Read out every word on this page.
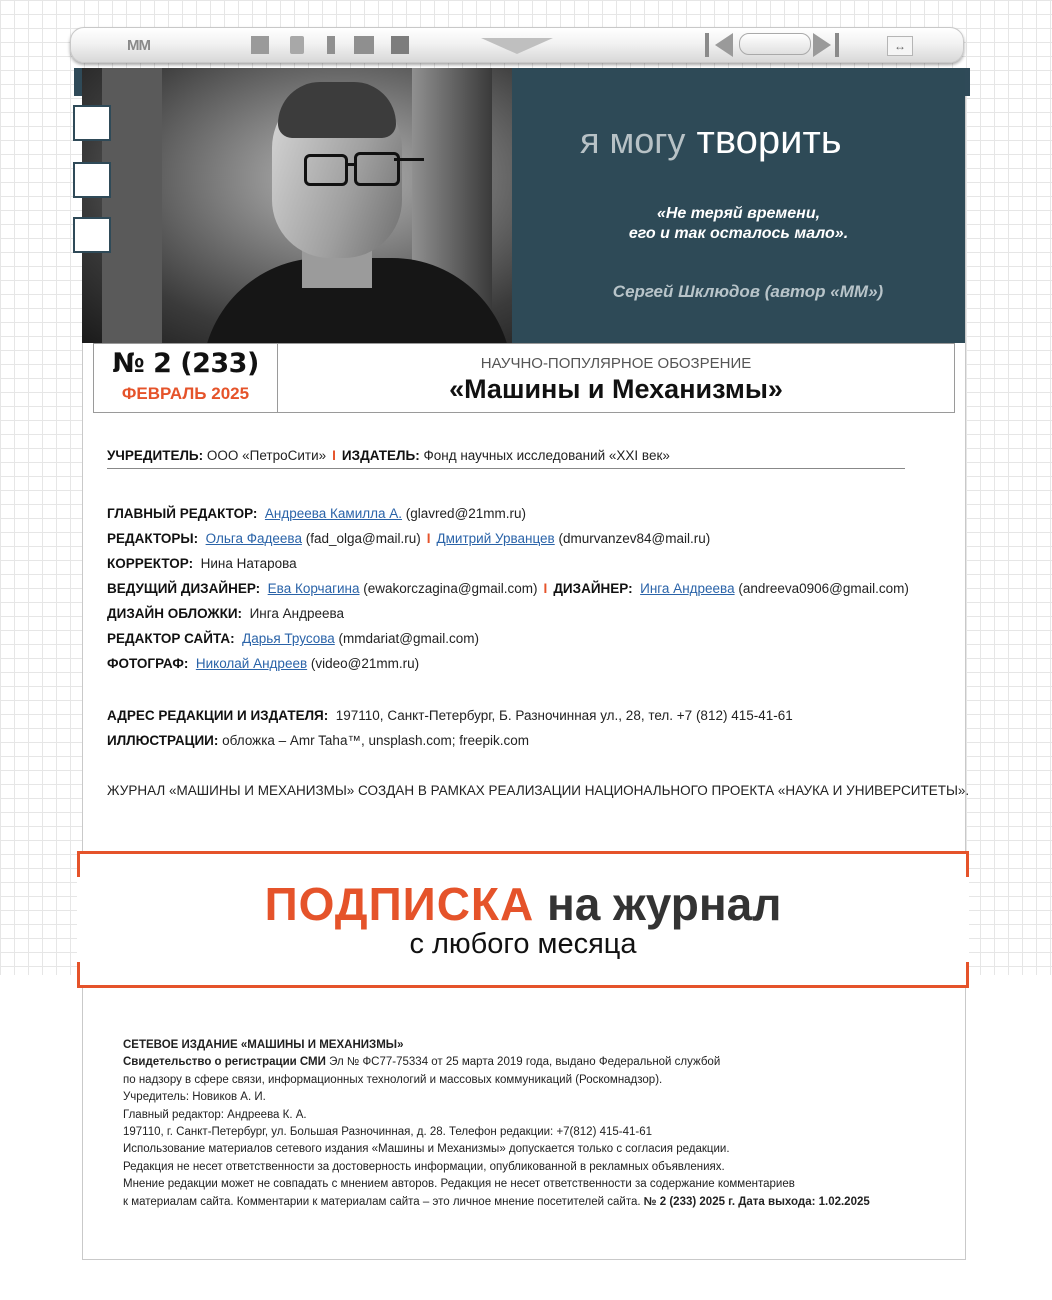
MM	↔
я могу творить
«Не теряй времени,
его и так осталось мало».
Сергей Шклюдов (автор «ММ»)
№ 2 (233)
ФЕВРАЛЬ 2025
НАУЧНО-ПОПУЛЯРНОЕ ОБОЗРЕНИЕ
«Машины и Механизмы»
УЧРЕДИТЕЛЬ: ООО «ПетроСити» I ИЗДАТЕЛЬ: Фонд научных исследований «XXI век»
ГЛАВНЫЙ РЕДАКТОР: Андреева Камилла А. (glavred@21mm.ru)
РЕДАКТОРЫ: Ольга Фадеева (fad_olga@mail.ru) I Дмитрий Урванцев (dmurvanzev84@mail.ru)
КОРРЕКТОР: Нина Натарова
ВЕДУЩИЙ ДИЗАЙНЕР: Ева Корчагина (ewakorczagina@gmail.com) I ДИЗАЙНЕР: Инга Андреева (andreeva0906@gmail.com)
ДИЗАЙН ОБЛОЖКИ: Инга Андреева
РЕДАКТОР САЙТА: Дарья Трусова (mmdariat@gmail.com)
ФОТОГРАФ: Николай Андреев (video@21mm.ru)
АДРЕС РЕДАКЦИИ И ИЗДАТЕЛЯ: 197110, Санкт-Петербург, Б. Разночинная ул., 28, тел. +7 (812) 415-41-61
ИЛЛЮСТРАЦИИ: обложка – Amr Taha™, unsplash.com; freepik.com
ЖУРНАЛ «МАШИНЫ И МЕХАНИЗМЫ» СОЗДАН В РАМКАХ РЕАЛИЗАЦИИ НАЦИОНАЛЬНОГО ПРОЕКТА «НАУКА И УНИВЕРСИТЕТЫ».
ПОДПИСКА на журнал
с любого месяца
СЕТЕВОЕ ИЗДАНИЕ «МАШИНЫ И МЕХАНИЗМЫ»
Свидетельство о регистрации СМИ Эл № ФС77-75334 от 25 марта 2019 года, выдано Федеральной службой
по надзору в сфере связи, информационных технологий и массовых коммуникаций (Роскомнадзор).
Учредитель: Новиков А. И.
Главный редактор: Андреева К. А.
197110, г. Санкт-Петербург, ул. Большая Разночинная, д. 28. Телефон редакции: +7(812) 415-41-61
Использование материалов сетевого издания «Машины и Механизмы» допускается только с согласия редакции.
Редакция не несет ответственности за достоверность информации, опубликованной в рекламных объявлениях.
Мнение редакции может не совпадать с мнением авторов. Редакция не несет ответственности за содержание комментариев
к материалам сайта. Комментарии к материалам сайта – это личное мнение посетителей сайта. № 2 (233) 2025 г. Дата выхода: 1.02.2025
